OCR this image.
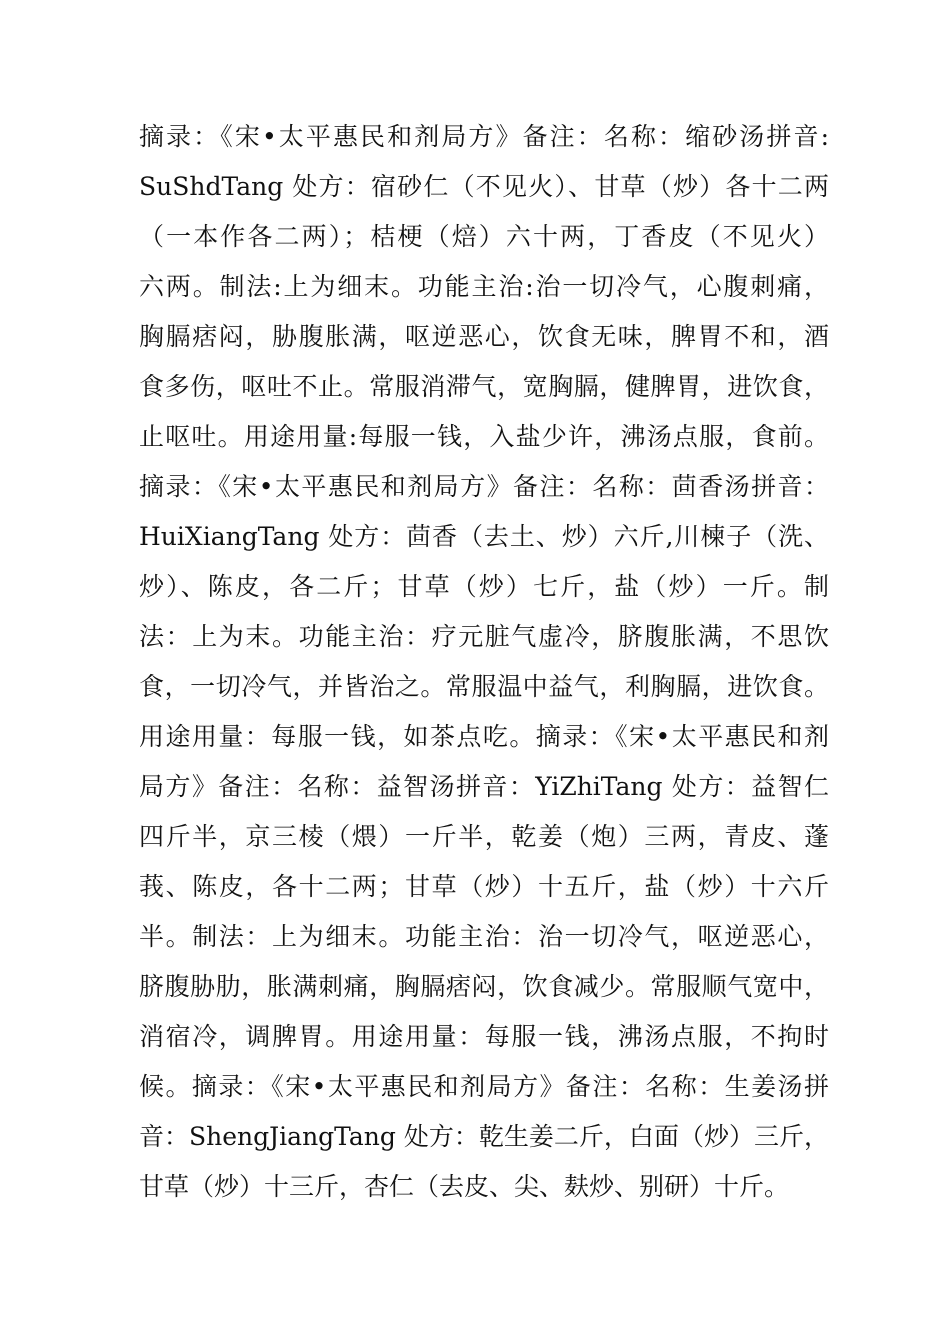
摘录：《宋•太平惠民和剂局方》备注：名称：缩砂汤拼音:
SuShdTang 处方：宿砂仁（不见火）、甘草（炒）各十二两
（一本作各二两）；桔梗（焙）六十两，丁香皮（不见火）
六两。制法:上为细末。功能主治:治一切冷气，心腹刺痛，
胸膈痞闷，胁腹胀满，呕逆恶心，饮食无味，脾胃不和，酒
食多伤，呕吐不止。常服消滞气，宽胸膈，健脾胃，进饮食，
止呕吐。用途用量:每服一钱，入盐少许，沸汤点服，食前。
摘录：《宋•太平惠民和剂局方》备注：名称：茴香汤拼音：
HuiXiangTang 处方：茴香（去土、炒）六斤,川楝子（洗、
炒）、陈皮，各二斤；甘草（炒）七斤，盐（炒）一斤。制
法：上为末。功能主治：疗元脏气虚冷，脐腹胀满，不思饮
食，一切冷气，并皆治之。常服温中益气，利胸膈，进饮食。
用途用量：每服一钱，如茶点吃。摘录：《宋•太平惠民和剂
局方》备注：名称：益智汤拼音：YiZhiTang 处方：益智仁
四斤半，京三棱（煨）一斤半，乾姜（炮）三两，青皮、蓬
莪、陈皮，各十二两；甘草（炒）十五斤，盐（炒）十六斤
半。制法：上为细末。功能主治：治一切冷气，呕逆恶心，
脐腹胁肋，胀满刺痛，胸膈痞闷，饮食减少。常服顺气宽中，
消宿冷，调脾胃。用途用量：每服一钱，沸汤点服，不拘时
候。摘录：《宋•太平惠民和剂局方》备注：名称：生姜汤拼
音：ShengJiangTang 处方：乾生姜二斤，白面（炒）三斤，
甘草（炒）十三斤，杏仁（去皮、尖、麸炒、别研）十斤。
